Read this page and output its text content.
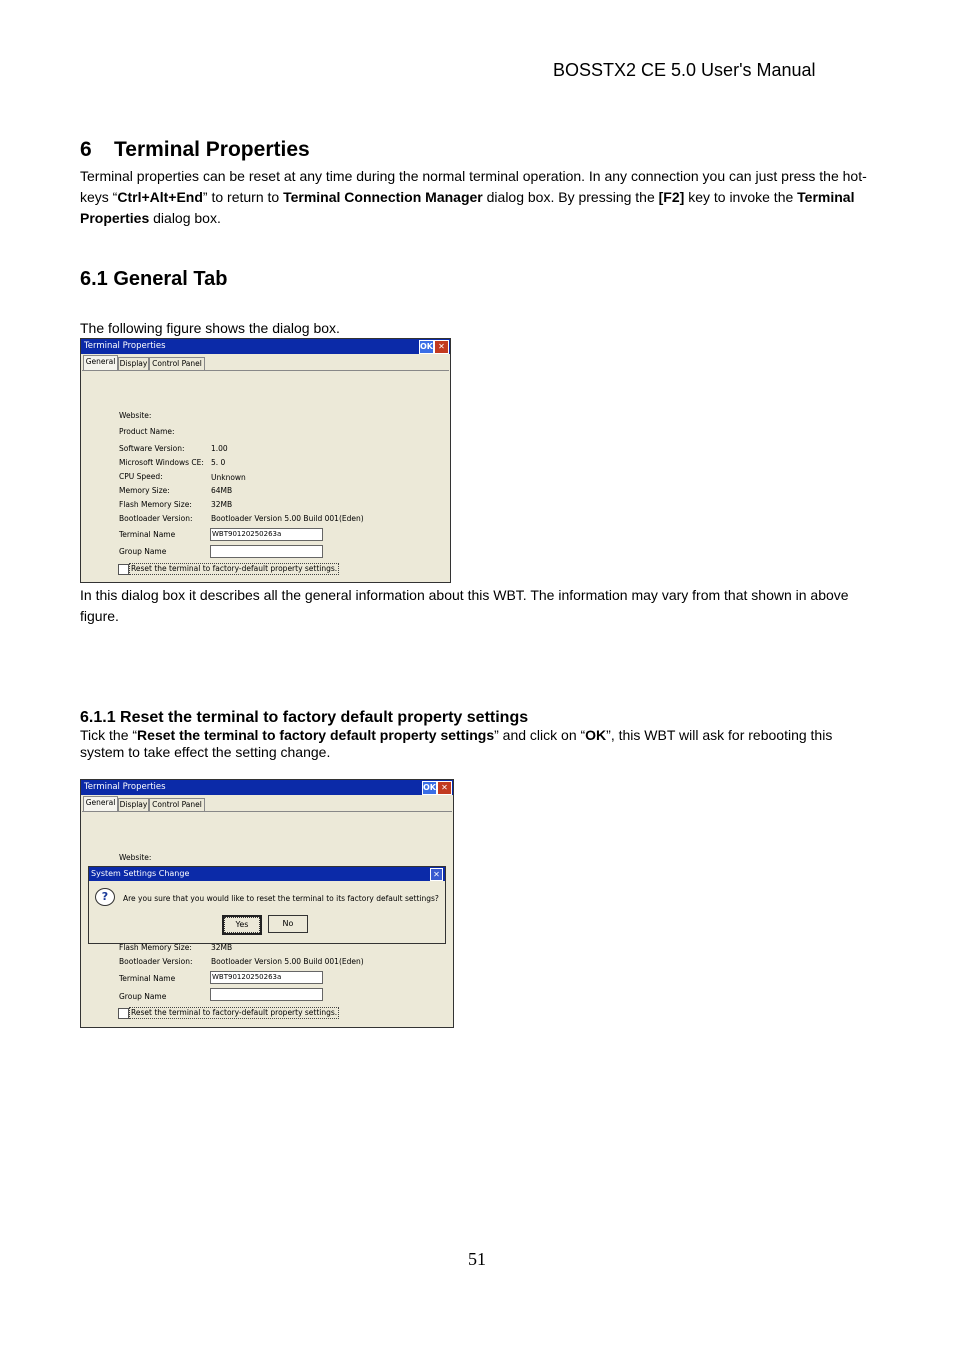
BOSSTX2 CE 5.0 User's Manual
6 Terminal Properties
Terminal properties can be reset at any time during the normal terminal operation. In any connection you can just press the hot-keys “Ctrl+Alt+End” to return to Terminal Connection Manager dialog box. By pressing the [F2] key to invoke the Terminal Properties dialog box.
6.1 General Tab
The following figure shows the dialog box.
Terminal Properties	OK ✕
General Display Control Panel
Website:
Product Name:
Software Version:	1.00
Microsoft Windows CE: 5. 0
CPU Speed:	Unknown
Memory Size:	64MB
Flash Memory Size:	32MB
Bootloader Version: Bootloader Version 5.00 Build 001(Eden)
Terminal Name	WBT90120250263a
Group Name
Reset the terminal to factory-default property settings.
In this dialog box it describes all the general information about this WBT. The information may vary from that shown in above figure.
6.1.1 Reset the terminal to factory default property settings
Tick the “Reset the terminal to factory default property settings” and click on “OK”, this WBT will ask for rebooting this system to take effect the setting change.
Terminal Properties	OK ✕
General Display Control Panel
Website:
System Settings Change	✕
?	Are you sure that you would like to reset the terminal to its factory default settings?
Yes	No
Flash Memory Size:	32MB
Bootloader Version: Bootloader Version 5.00 Build 001(Eden)
Terminal Name	WBT90120250263a
Group Name
Reset the terminal to factory-default property settings.
51
